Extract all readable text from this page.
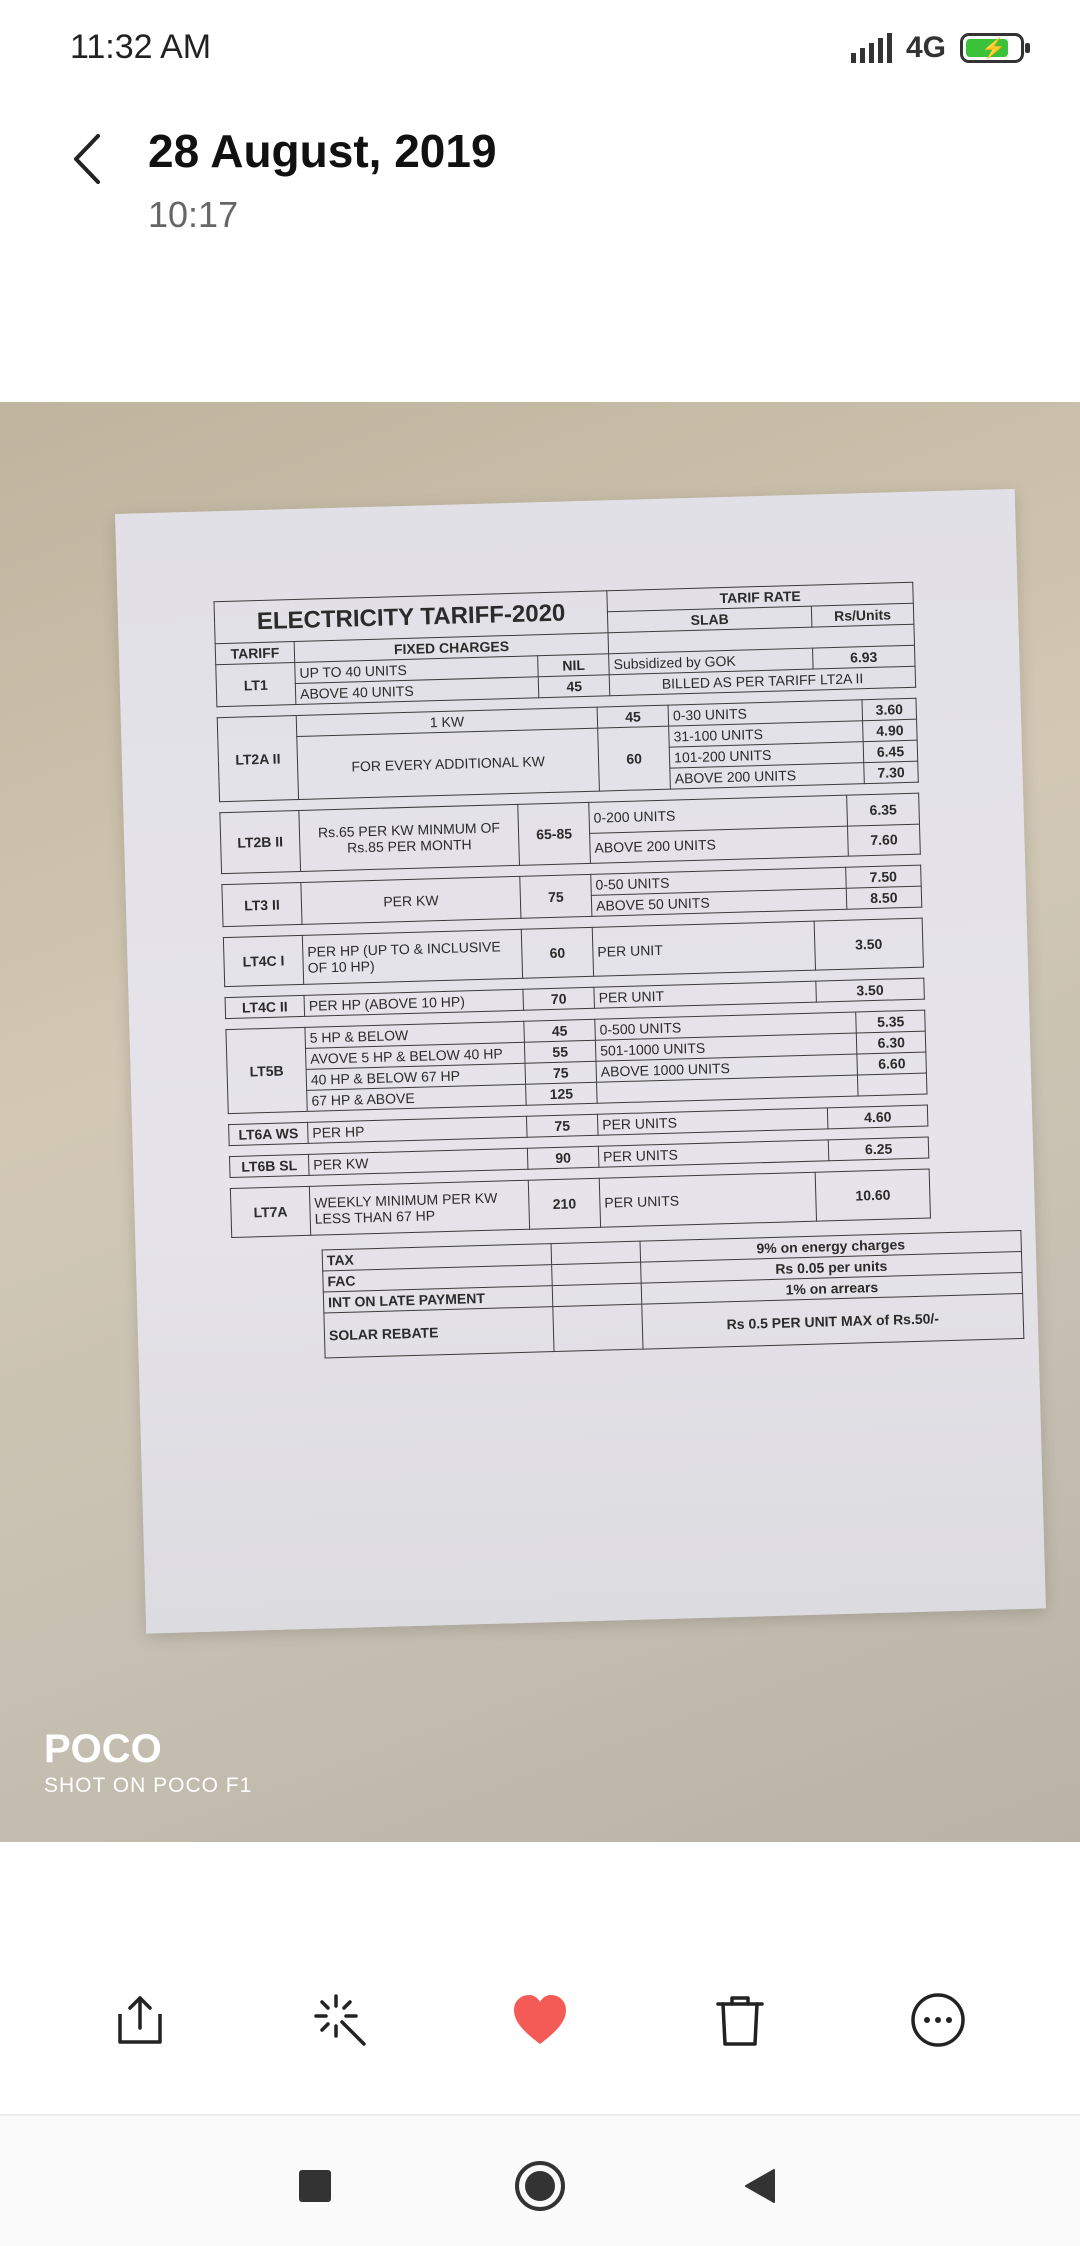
11:32 AM	4G ⚡
28 August, 2019
10:17
ELECTRICITY TARIFF-2020			TARIF RATE	
			SLAB	Rs/Units
TARIFF	FIXED CHARGES			
LT1	UP TO 40 UNITS	NIL	Subsidized by GOK	6.93
	ABOVE 40 UNITS	45	BILLED AS PER TARIFF LT2A II	
LT2A II	1 KW	45	0-30 UNITS	3.60
	FOR EVERY ADDITIONAL KW	60	31-100 UNITS	4.90
			101-200 UNITS	6.45
			ABOVE 200 UNITS	7.30
LT2B II	Rs.65 PER KW MINMUM OF Rs.85 PER MONTH	65-85	0-200 UNITS	6.35
			ABOVE 200 UNITS	7.60
LT3 II	PER KW	75	0-50 UNITS	7.50
			ABOVE 50 UNITS	8.50
LT4C I	PER HP (UP TO & INCLUSIVE OF 10 HP)	60	PER UNIT	3.50
LT4C II	PER HP (ABOVE 10 HP)	70	PER UNIT	3.50
LT5B	5 HP & BELOW	45	0-500 UNITS	5.35
	AVOVE 5 HP & BELOW 40 HP	55	501-1000 UNITS	6.30
	40 HP & BELOW 67 HP	75	ABOVE 1000 UNITS	6.60
	67 HP & ABOVE	125		
LT6A WS	PER HP	75	PER UNITS	4.60
LT6B SL	PER KW	90	PER UNITS	6.25
LT7A	WEEKLY MINIMUM PER KW LESS THAN 67 HP	210	PER UNITS	10.60
TAX		9% on energy charges
FAC		Rs 0.05 per units
INT ON LATE PAYMENT		1% on arrears
SOLAR REBATE		Rs 0.5 PER UNIT MAX of Rs.50/-
POCO
SHOT ON POCO F1
